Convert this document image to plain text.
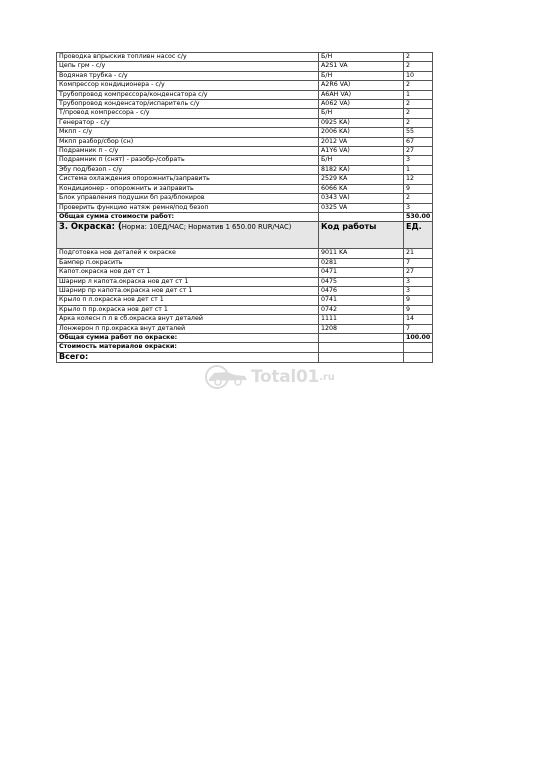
Проводка впрыскив топливн насос с/у	Б/Н	2
Цепь грм - с/у	A2S1 VA	2
Водяная трубка - с/у	Б/Н	10
Компрессор кондиционера - с/у	A2R6 VA)	2
Трубопровод компрессора/конденсатора с/у	A6AH VA)	1
Трубопровод конденсатор/испаритель с/у	A062 VA)	2
Т/провод компрессора - с/у	Б/Н	2
Генератор - с/у	0925 KA)	2
Мкпп - с/у	2006 KA)	55
Мкпп разбор/сбор (сн)	2012 VA	67
Подрамник п - с/у	A1Y6 VA)	27
Подрамник п (снят) - разобр-/собрать	Б/Н	3
Эбу под/безоп - с/у	8182 KA)	1
Система охлаждения опорожнить/заправить	2529 KA	12
Кондиционер - опорожнить и заправить	6066 KA	9
Блок управления подушки бп раз/блокиров	0343 VA)	2
Проверить функцию натяж ремня/под безоп	0325 VA	3
Общая сумма стоимости работ:		530.00
3. Окраска: (Норма: 10ЕД/ЧАС; Норматив 1 650.00 RUR/ЧАС)	Код работы	ЕД.
Подготовка нов деталей к окраске	9011 KA	21
Бампер п.окрасить	0281	7
Капот.окраска нов дет ст 1	0471	27
Шарнир л капота.окраска нов дет ст 1	0475	3
Шарнир пр капота.окраска нов дет ст 1	0476	3
Крыло п л.окраска нов дет ст 1	0741	9
Крыло п пр.окраска нов дет ст 1	0742	9
Арка колесн п л в сб.окраска внут деталей	1111	14
Лонжерон п пр.окраска внут деталей	1208	7
Общая сумма работ по окраске:		100.00
Стоимость материалов окраски:		
Всего:		
Total01 .ru
